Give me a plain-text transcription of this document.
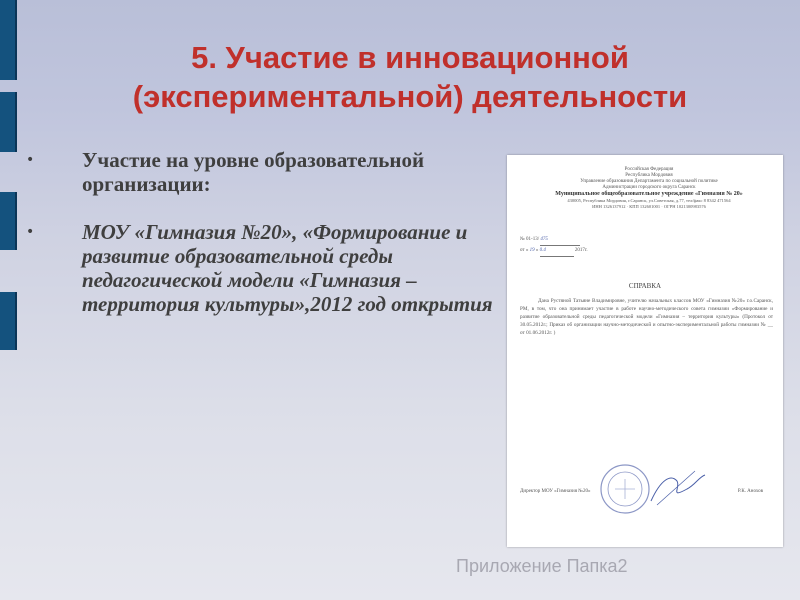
5. Участие в инновационной (экспериментальной) деятельности
• Участие на уровне образовательной организации:
• МОУ «Гимназия №20», «Формирование и развитие образовательной среды педагогической модели «Гимназия – территория культуры»,2012 год открытия
Российская Федерация
Республика Мордовия
Управление образования Департамента по социальной политике
Администрации городского округа Саранск
Муниципальное общеобразовательное учреждение «Гимназия № 20»
430005, Республика Мордовия, г.Саранск, ул.Советская, д.77, тел/факс 8 8342 471564
ИНН 1326137912 · КПП 132601001 · ОГРН 1021300983576
№ 01-13/ 475
от « 19 » 0.4	2017г.
СПРАВКА
Дана Рустяной Татьяне Владимировне, учителю начальных классов МОУ «Гимназия №20» г.о.Саранск, РМ, в том, что она принимает участие в работе научно-методического совета гимназии «Формирование и развитие образовательной среды педагогической модели «Гимназия – территория культуры» (Протокол от 30.05.2012г.; Приказ об организации научно-методической и опытно-экспериментальной работы гимназии № __ от 01.06.2012г. )
Директор МОУ «Гимназия №20»	Р.К. Анохов
Приложение Папка2
